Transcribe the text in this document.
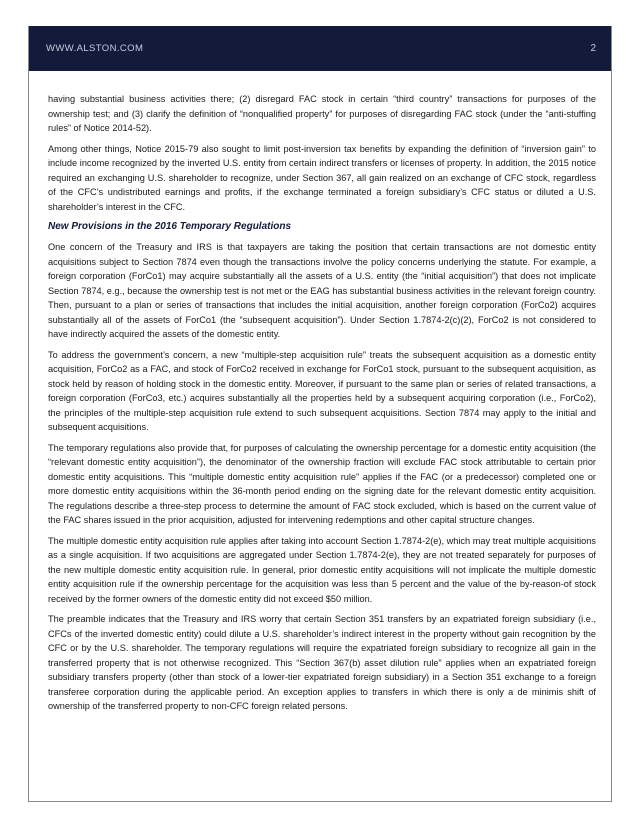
WWW.ALSTON.COM	2

having substantial business activities there; (2) disregard FAC stock in certain “third country” transactions for purposes of the ownership test; and (3) clarify the definition of “nonqualified property” for purposes of disregarding FAC stock (under the “anti-stuffing rules” of Notice 2014-52).

Among other things, Notice 2015-79 also sought to limit post-inversion tax benefits by expanding the definition of “inversion gain” to include income recognized by the inverted U.S. entity from certain indirect transfers or licenses of property. In addition, the 2015 notice required an exchanging U.S. shareholder to recognize, under Section 367, all gain realized on an exchange of CFC stock, regardless of the CFC’s undistributed earnings and profits, if the exchange terminated a foreign subsidiary’s CFC status or diluted a U.S. shareholder’s interest in the CFC.

New Provisions in the 2016 Temporary Regulations

One concern of the Treasury and IRS is that taxpayers are taking the position that certain transactions are not domestic entity acquisitions subject to Section 7874 even though the transactions involve the policy concerns underlying the statute. For example, a foreign corporation (ForCo1) may acquire substantially all the assets of a U.S. entity (the “initial acquisition”) that does not implicate Section 7874, e.g., because the ownership test is not met or the EAG has substantial business activities in the relevant foreign country. Then, pursuant to a plan or series of transactions that includes the initial acquisition, another foreign corporation (ForCo2) acquires substantially all of the assets of ForCo1 (the “subsequent acquisition”). Under Section 1.7874-2(c)(2), ForCo2 is not considered to have indirectly acquired the assets of the domestic entity.

To address the government’s concern, a new “multiple-step acquisition rule” treats the subsequent acquisition as a domestic entity acquisition, ForCo2 as a FAC, and stock of ForCo2 received in exchange for ForCo1 stock, pursuant to the subsequent acquisition, as stock held by reason of holding stock in the domestic entity. Moreover, if pursuant to the same plan or series of related transactions, a foreign corporation (ForCo3, etc.) acquires substantially all the properties held by a subsequent acquiring corporation (i.e., ForCo2), the principles of the multiple-step acquisition rule extend to such subsequent acquisitions. Section 7874 may apply to the initial and subsequent acquisitions.

The temporary regulations also provide that, for purposes of calculating the ownership percentage for a domestic entity acquisition (the “relevant domestic entity acquisition”), the denominator of the ownership fraction will exclude FAC stock attributable to certain prior domestic entity acquisitions. This “multiple domestic entity acquisition rule” applies if the FAC (or a predecessor) completed one or more domestic entity acquisitions within the 36-month period ending on the signing date for the relevant domestic entity acquisition. The regulations describe a three-step process to determine the amount of FAC stock excluded, which is based on the current value of the FAC shares issued in the prior acquisition, adjusted for intervening redemptions and other capital structure changes.

The multiple domestic entity acquisition rule applies after taking into account Section 1.7874-2(e), which may treat multiple acquisitions as a single acquisition. If two acquisitions are aggregated under Section 1.7874-2(e), they are not treated separately for purposes of the new multiple domestic entity acquisition rule. In general, prior domestic entity acquisitions will not implicate the multiple domestic entity acquisition rule if the ownership percentage for the acquisition was less than 5 percent and the value of the by-reason-of stock received by the former owners of the domestic entity did not exceed $50 million.

The preamble indicates that the Treasury and IRS worry that certain Section 351 transfers by an expatriated foreign subsidiary (i.e., CFCs of the inverted domestic entity) could dilute a U.S. shareholder’s indirect interest in the property without gain recognition by the CFC or by the U.S. shareholder. The temporary regulations will require the expatriated foreign subsidiary to recognize all gain in the transferred property that is not otherwise recognized. This “Section 367(b) asset dilution rule” applies when an expatriated foreign subsidiary transfers property (other than stock of a lower-tier expatriated foreign subsidiary) in a Section 351 exchange to a foreign transferee corporation during the applicable period. An exception applies to transfers in which there is only a de minimis shift of ownership of the transferred property to non-CFC foreign related persons.
